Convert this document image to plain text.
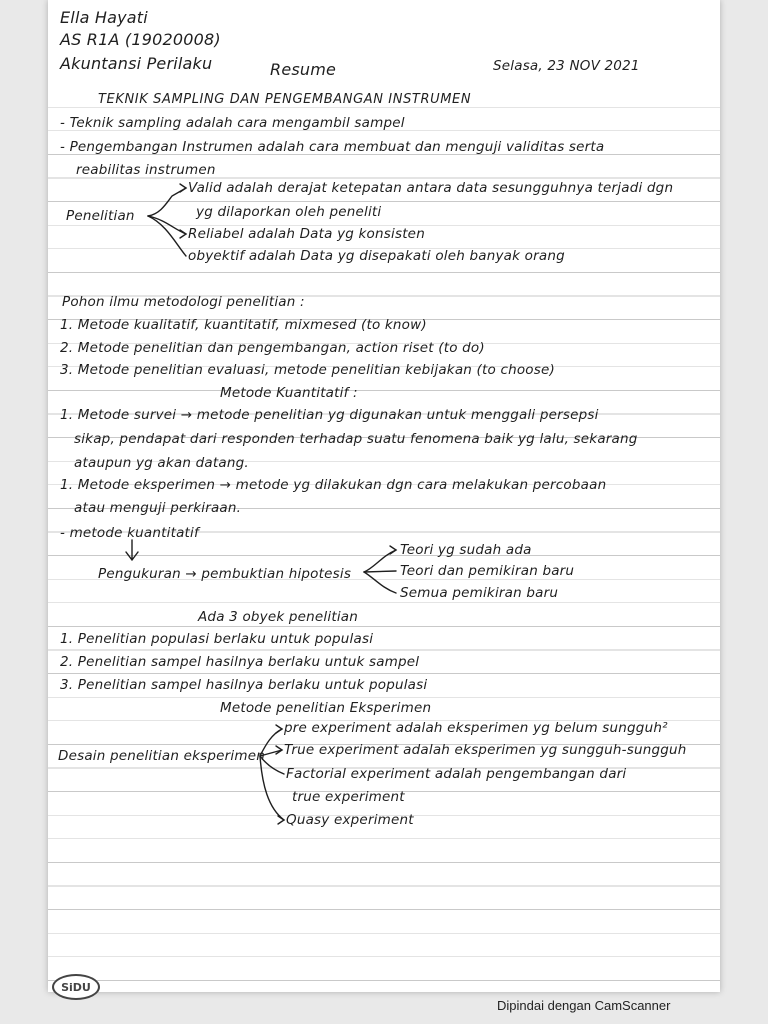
Ella Hayati
AS R1A (19020008)
Akuntansi Perilaku	Resume	Selasa, 23 NOV 2021
TEKNIK SAMPLING DAN PENGEMBANGAN INSTRUMEN
- Teknik sampling adalah cara mengambil sampel
- Pengembangan Instrumen adalah cara membuat dan menguji validitas serta
reabilitas instrumen
Penelitian
Valid adalah derajat ketepatan antara data sesungguhnya terjadi dgn
yg dilaporkan oleh peneliti
Reliabel adalah Data yg konsisten
obyektif adalah Data yg disepakati oleh banyak orang
Pohon ilmu metodologi penelitian :
1. Metode kualitatif, kuantitatif, mixmesed (to know)
2. Metode penelitian dan pengembangan, action riset (to do)
3. Metode penelitian evaluasi, metode penelitian kebijakan (to choose)
Metode Kuantitatif :
1. Metode survei → metode penelitian yg digunakan untuk menggali persepsi
sikap, pendapat dari responden terhadap suatu fenomena baik yg lalu, sekarang
ataupun yg akan datang.
1. Metode eksperimen → metode yg dilakukan dgn cara melakukan percobaan
atau menguji perkiraan.
- metode kuantitatif
Pengukuran → pembuktian hipotesis
Teori yg sudah ada
Teori dan pemikiran baru
Semua pemikiran baru
Ada 3 obyek penelitian
1. Penelitian populasi berlaku untuk populasi
2. Penelitian sampel hasilnya berlaku untuk sampel
3. Penelitian sampel hasilnya berlaku untuk populasi
Metode penelitian Eksperimen
Desain penelitian eksperimen
pre experiment adalah eksperimen yg belum sungguh²
True experiment adalah eksperimen yg sungguh-sungguh
Factorial experiment adalah pengembangan dari
true experiment
Quasy experiment
SiDU
Dipindai dengan CamScanner
